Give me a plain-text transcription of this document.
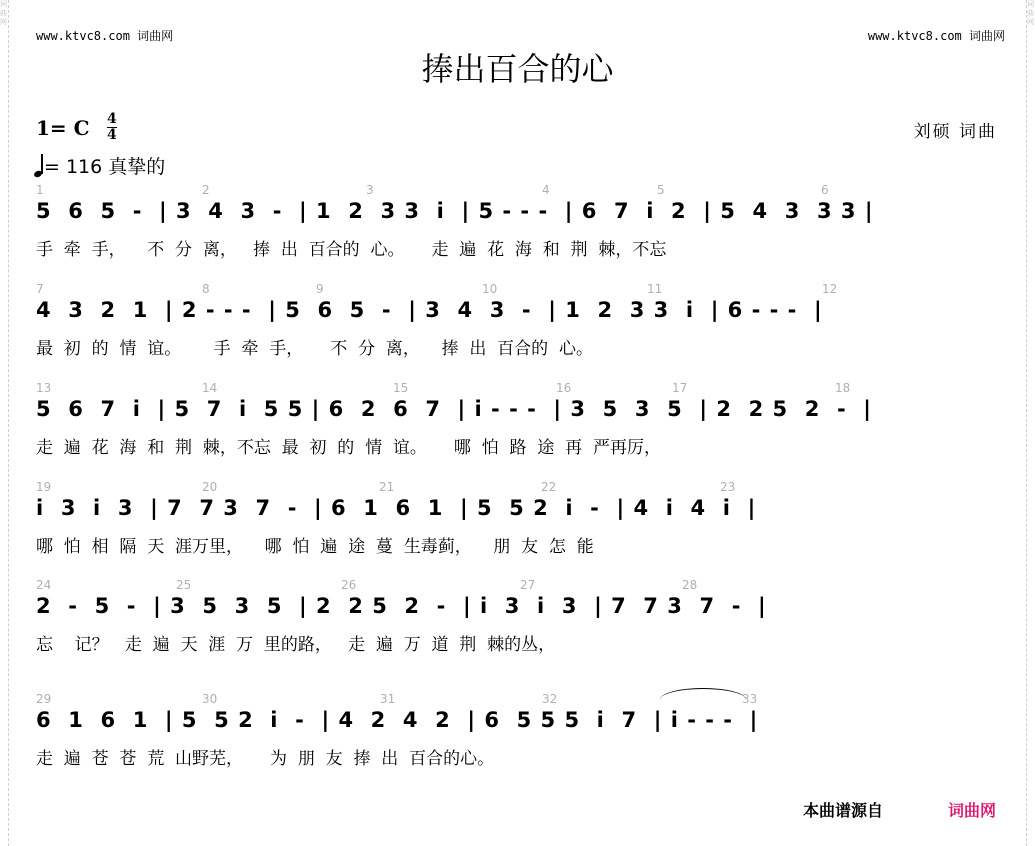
词曲网
词曲网
www.ktvc8.com 词曲网	www.ktvc8.com 词曲网
捧出百合的心
1= C $\frac{4}{4}$
= 116 真挚的
刘硕 词曲
1	2	3	4	5	6
5  6  5  -  | 3  4  3  -  | 1  2  3 3  i  | 5 - - -  | 6  7  i  2  | 5  4  3  3 3 |
手  牵  手，    不  分  离，   捧  出  百合的  心。     走  遍  花  海  和  荆  棘，不忘
7	8	9	10	11	12
4  3  2  1  | 2 - - -  | 5  6  5  -  | 3  4  3  -  | 1  2  3 3  i  | 6 - - -  |
最  初  的  情  谊。      手  牵  手，     不  分  离，    捧  出  百合的  心。
13	14	15	16	17	18
5  6  7  i  | 5  7  i  5 5 | 6  2  6  7  | i - - -  | 3  5  3  5  | 2  2 5  2  -  |
走  遍  花  海  和  荆  棘，不忘  最  初  的  情  谊。     哪  怕  路  途  再  严再厉，
19	20	21	22	23
i  3  i  3  | 7  7 3  7  -  | 6  1  6  1  | 5  5 2  i  -  | 4  i  4  i  |
哪  怕  相  隔  天  涯万里，    哪  怕  遍  途  蔓  生毒蓟，    朋  友  怎  能
24	25	26	27	28
2  -  5  -  | 3  5  3  5  | 2  2 5  2  -  | i  3  i  3  | 7  7 3  7  -  |
忘    记？   走  遍  天  涯  万  里的路，   走  遍  万  道  荆  棘的丛，
29	30	31	32	33
6  1  6  1  | 5  5 2  i  -  | 4  2  4  2  | 6  5 5 5  i  7  | i - - -  |
走  遍  苍  苍  荒  山野芜，     为  朋  友  捧  出  百合的心。
本曲谱源自	词曲网
